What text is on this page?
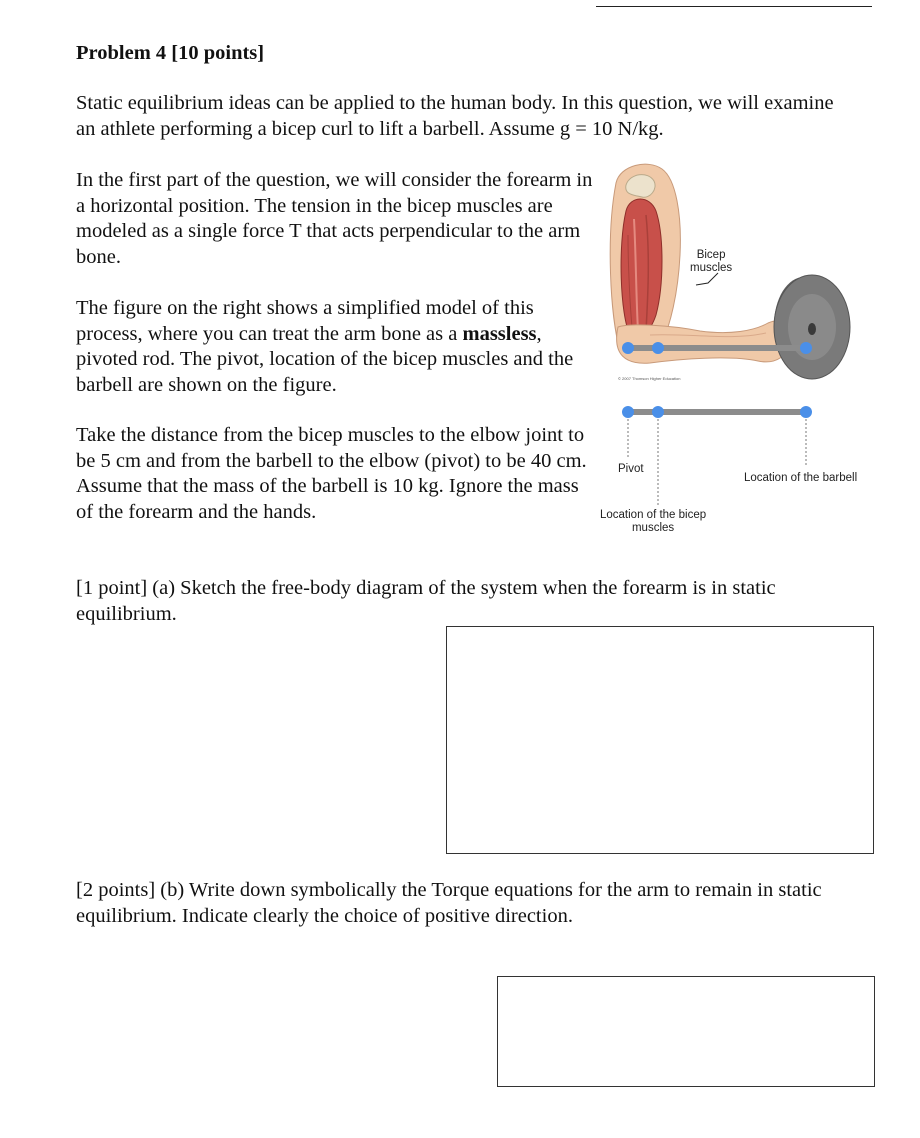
Problem 4 [10 points]
Static equilibrium ideas can be applied to the human body. In this question, we will examine an athlete performing a bicep curl to lift a barbell. Assume g = 10 N/kg.
In the first part of the question, we will consider the forearm in a horizontal position. The tension in the bicep muscles are modeled as a single force T that acts perpendicular to the arm bone.
The figure on the right shows a simplified model of this process, where you can treat the arm bone as a massless, pivoted rod. The pivot, location of the bicep muscles and the barbell are shown on the figure.
Take the distance from the bicep muscles to the elbow joint to be 5 cm and from the barbell to the elbow (pivot) to be 40 cm. Assume that the mass of the barbell is 10 kg. Ignore the mass of the forearm and the hands.
Bicep
muscles
© 2007 Thomson Higher Education
Pivot
Location of the barbell
Location of the bicep
muscles
[1 point] (a) Sketch the free-body diagram of the system when the forearm is in static equilibrium.
[2 points] (b) Write down symbolically the Torque equations for the arm to remain in static equilibrium. Indicate clearly the choice of positive direction.
